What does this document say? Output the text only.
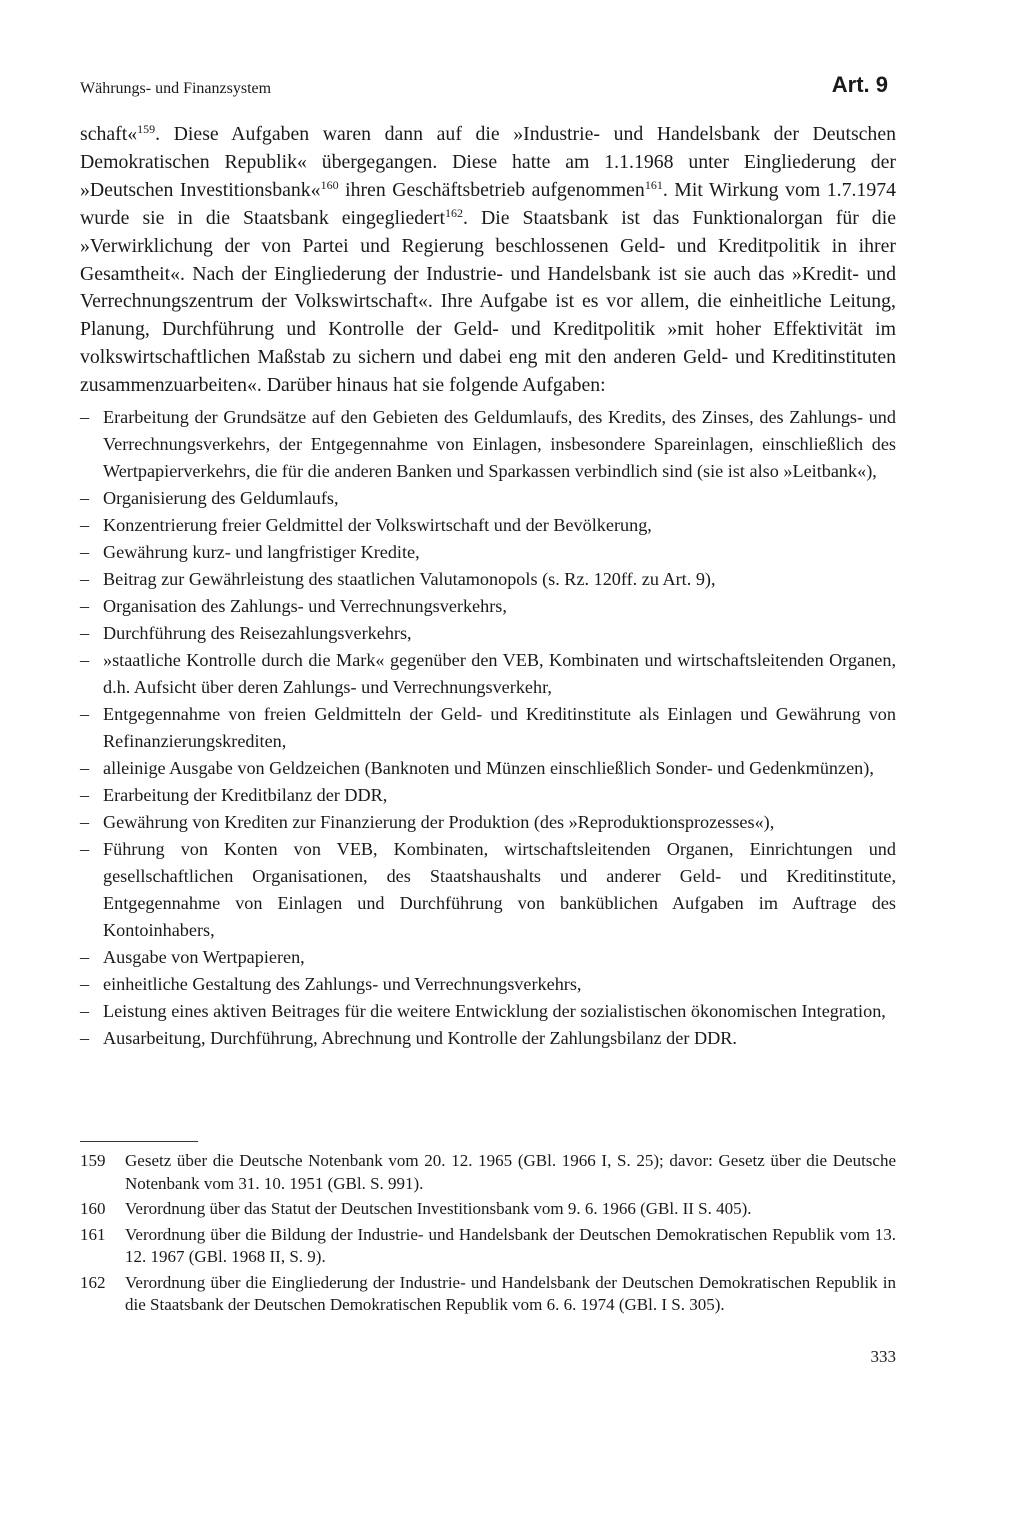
Währungs- und Finanzsystem	Art. 9

schaft«$^{159}$. Diese Aufgaben waren dann auf die »Industrie- und Handelsbank der Deutschen Demokratischen Republik« übergegangen. Diese hatte am 1.1.1968 unter Eingliederung der »Deutschen Investitionsbank«$^{160}$ ihren Geschäftsbetrieb aufgenommen$^{161}$. Mit Wirkung vom 1.7.1974 wurde sie in die Staatsbank eingegliedert$^{162}$. Die Staatsbank ist das Funktionalorgan für die »Verwirklichung der von Partei und Regierung beschlossenen Geld- und Kreditpolitik in ihrer Gesamtheit«. Nach der Eingliederung der Industrie- und Handelsbank ist sie auch das »Kredit- und Verrechnungszentrum der Volkswirtschaft«. Ihre Aufgabe ist es vor allem, die einheitliche Leitung, Planung, Durchführung und Kontrolle der Geld- und Kreditpolitik »mit hoher Effektivität im volkswirtschaftlichen Maßstab zu sichern und dabei eng mit den anderen Geld- und Kreditinstituten zusammenzuarbeiten«. Darüber hinaus hat sie folgende Aufgaben:

– Erarbeitung der Grundsätze auf den Gebieten des Geldumlaufs, des Kredits, des Zinses, des Zahlungs- und Verrechnungsverkehrs, der Entgegennahme von Einlagen, insbesondere Spareinlagen, einschließlich des Wertpapierverkehrs, die für die anderen Banken und Sparkassen verbindlich sind (sie ist also »Leitbank«),
– Organisierung des Geldumlaufs,
– Konzentrierung freier Geldmittel der Volkswirtschaft und der Bevölkerung,
– Gewährung kurz- und langfristiger Kredite,
– Beitrag zur Gewährleistung des staatlichen Valutamonopols (s. Rz. 120ff. zu Art. 9),
– Organisation des Zahlungs- und Verrechnungsverkehrs,
– Durchführung des Reisezahlungsverkehrs,
– »staatliche Kontrolle durch die Mark« gegenüber den VEB, Kombinaten und wirtschaftsleitenden Organen, d.h. Aufsicht über deren Zahlungs- und Verrechnungsverkehr,
– Entgegennahme von freien Geldmitteln der Geld- und Kreditinstitute als Einlagen und Gewährung von Refinanzierungskrediten,
– alleinige Ausgabe von Geldzeichen (Banknoten und Münzen einschließlich Sonder- und Gedenkmünzen),
– Erarbeitung der Kreditbilanz der DDR,
– Gewährung von Krediten zur Finanzierung der Produktion (des »Reproduktionsprozesses«),
– Führung von Konten von VEB, Kombinaten, wirtschaftsleitenden Organen, Einrichtungen und gesellschaftlichen Organisationen, des Staatshaushalts und anderer Geld- und Kreditinstitute, Entgegennahme von Einlagen und Durchführung von banküblichen Aufgaben im Auftrage des Kontoinhabers,
– Ausgabe von Wertpapieren,
– einheitliche Gestaltung des Zahlungs- und Verrechnungsverkehrs,
– Leistung eines aktiven Beitrages für die weitere Entwicklung der sozialistischen ökonomischen Integration,
– Ausarbeitung, Durchführung, Abrechnung und Kontrolle der Zahlungsbilanz der DDR.
159 Gesetz über die Deutsche Notenbank vom 20. 12. 1965 (GBl. 1966 I, S. 25); davor: Gesetz über die Deutsche Notenbank vom 31. 10. 1951 (GBl. S. 991).
160 Verordnung über das Statut der Deutschen Investitionsbank vom 9. 6. 1966 (GBl. II S. 405).
161 Verordnung über die Bildung der Industrie- und Handelsbank der Deutschen Demokratischen Republik vom 13. 12. 1967 (GBl. 1968 II, S. 9).
162 Verordnung über die Eingliederung der Industrie- und Handelsbank der Deutschen Demokratischen Republik in die Staatsbank der Deutschen Demokratischen Republik vom 6. 6. 1974 (GBl. I S. 305).
333
